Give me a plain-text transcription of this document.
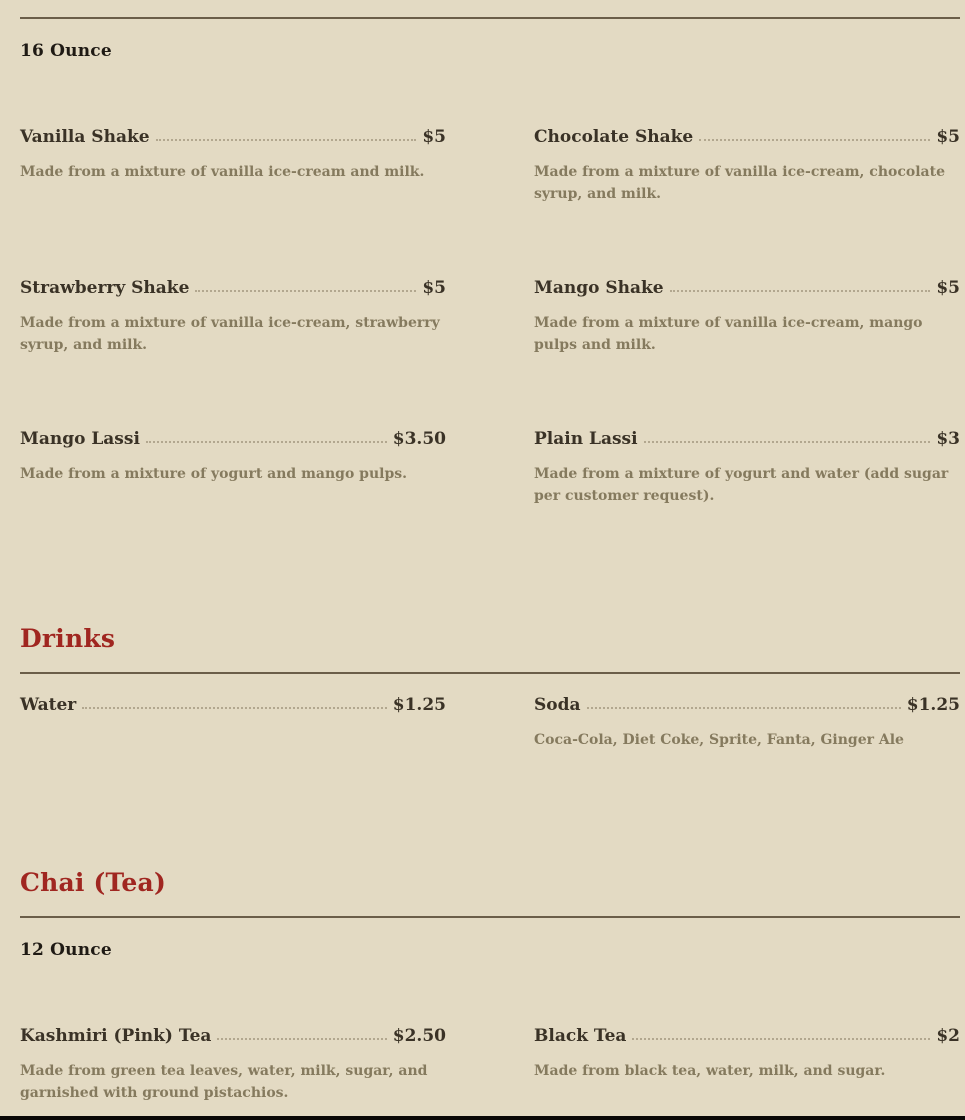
16 Ounce
Vanilla Shake	$5
Made from a mixture of vanilla ice-cream and milk.
Chocolate Shake	$5
Made from a mixture of vanilla ice-cream, chocolate syrup, and milk.
Strawberry Shake	$5
Made from a mixture of vanilla ice-cream, strawberry syrup, and milk.
Mango Shake	$5
Made from a mixture of vanilla ice-cream, mango pulps and milk.
Mango Lassi	$3.50
Made from a mixture of yogurt and mango pulps.
Plain Lassi	$3
Made from a mixture of yogurt and water (add sugar per customer request).
Drinks
Water	$1.25	Soda	$1.25
Coca-Cola, Diet Coke, Sprite, Fanta, Ginger Ale
Chai (Tea)
12 Ounce
Kashmiri (Pink) Tea	$2.50
Made from green tea leaves, water, milk, sugar, and garnished with ground pistachios.
Black Tea	$2
Made from black tea, water, milk, and sugar.
